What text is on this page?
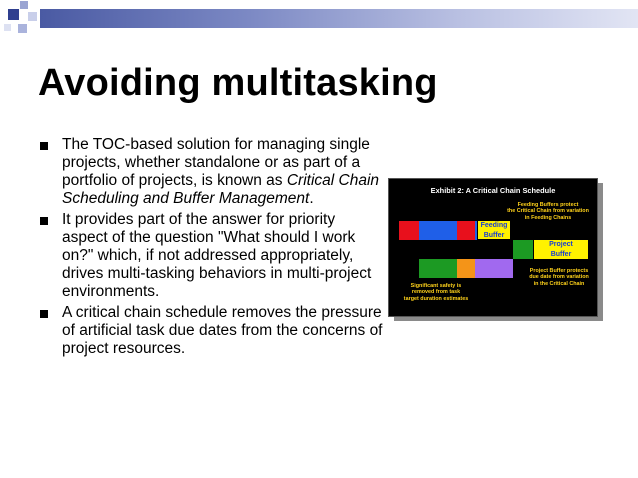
Avoiding multitasking
The TOC-based solution for managing single projects, whether standalone or as part of a portfolio of projects, is known as Critical Chain Scheduling and Buffer Management.
It provides part of the answer for priority aspect of the question "What should I work on?" which, if not addressed appropriately, drives multi-tasking behaviors in multi-project environments.
A critical chain schedule removes the pressure of artificial task due dates from the concerns of project resources.
Exhibit 2: A Critical Chain Schedule
Feeding Buffers protect
the Critical Chain from variation
in Feeding Chains
Feeding
Buffer
Project
Buffer
Project Buffer protects
due date from variation
in the Critical Chain
Significant safety is
removed from task
target duration estimates
